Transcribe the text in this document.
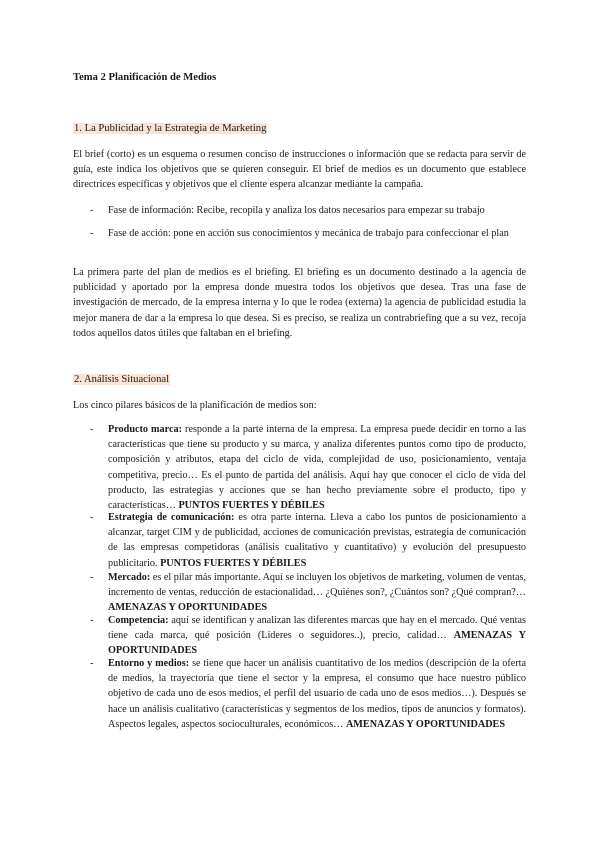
Tema 2 Planificación de Medios
1. La Publicidad y la Estrategia de Marketing
El brief (corto) es un esquema o resumen conciso de instrucciones o información que se redacta para servir de guía, este indica los objetivos que se quieren conseguir. El brief de medios es un documento que establece directrices específicas y objetivos que el cliente espera alcanzar mediante la campaña.
- Fase de información: Recibe, recopila y analiza los datos necesarios para empezar su trabajo
- Fase de acción: pone en acción sus conocimientos y mecánica de trabajo para confeccionar el plan
La primera parte del plan de medios es el briefing. El briefing es un documento destinado a la agencia de publicidad y aportado por la empresa donde muestra todos los objetivos que desea. Tras una fase de investigación de mercado, de la empresa interna y lo que le rodea (externa) la agencia de publicidad estudia la mejor manera de dar a la empresa lo que desea. Si es preciso, se realiza un contrabriefing que a su vez, recoja todos aquellos datos útiles que faltaban en el briefing.
2. Análisis Situacional
Los cinco pilares básicos de la planificación de medios son:
- Producto marca: responde a la parte interna de la empresa. La empresa puede decidir en torno a las características que tiene su producto y su marca, y analiza diferentes puntos como tipo de producto, composición y atributos, etapa del ciclo de vida, complejidad de uso, posicionamiento, ventaja competitiva, precio… Es el punto de partida del análisis. Aquí hay que conocer el ciclo de vida del producto, las estrategias y acciones que se han hecho previamente sobre el producto, tipo y características… PUNTOS FUERTES Y DÉBILES
- Estrategia de comunicación: es otra parte interna. Lleva a cabo los puntos de posicionamiento a alcanzar, target CIM y de publicidad, acciones de comunicación previstas, estrategia de comunicación de las empresas competidoras (análisis cualitativo y cuantitativo) y evolución del presupuesto publicitario. PUNTOS FUERTES Y DÉBILES
- Mercado: es el pilar más importante. Aquí se incluyen los objetivos de marketing, volumen de ventas, incremento de ventas, reducción de estacionalidad… ¿Quiénes son?, ¿Cuántos son? ¿Qué compran?… AMENAZAS Y OPORTUNIDADES
- Competencia: aquí se identifican y analizan las diferentes marcas que hay en el mercado. Qué ventas tiene cada marca, qué posición (Líderes o seguidores..), precio, calidad… AMENAZAS Y OPORTUNIDADES
- Entorno y medios: se tiene que hacer un análisis cuantitativo de los medios (descripción de la oferta de medios, la trayectoria que tiene el sector y la empresa, el consumo que hace nuestro público objetivo de cada uno de esos medios, el perfil del usuario de cada uno de esos medios…). Después se hace un análisis cualitativo (características y segmentos de los medios, tipos de anuncios y formatos). Aspectos legales, aspectos socioculturales, económicos… AMENAZAS Y OPORTUNIDADES
